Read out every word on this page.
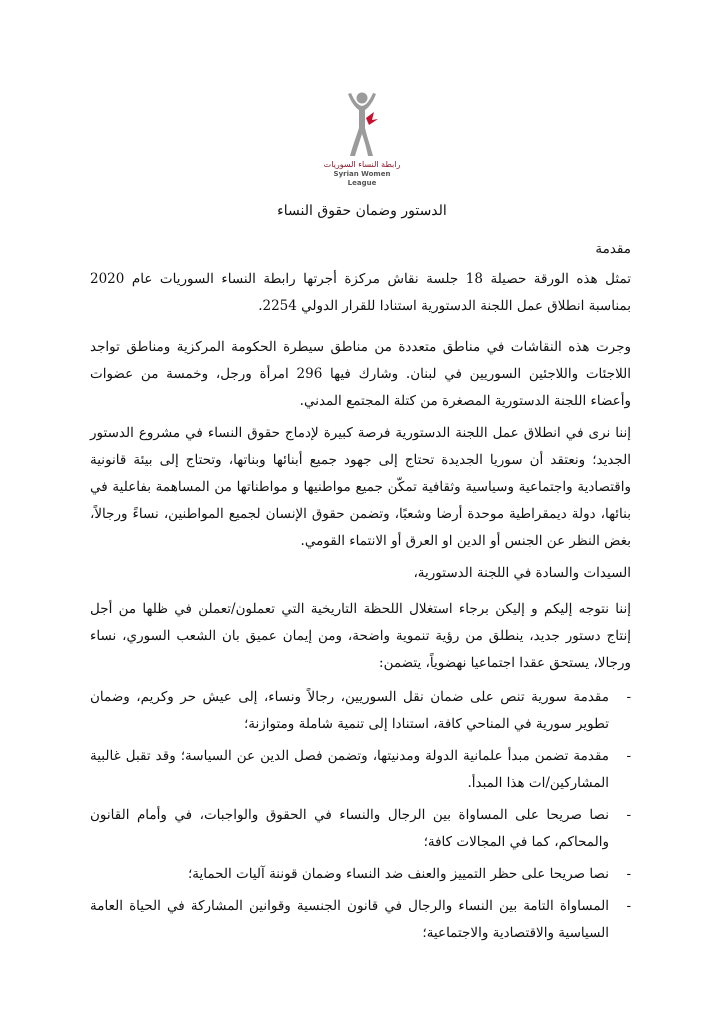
رابطة النساء السوريات
Syrian Women League
الدستور وضمان حقوق النساء
مقدمة
تمثل هذه الورقة حصيلة 18 جلسة نقاش مركزة أجرتها رابطة النساء السوريات عام 2020 بمناسبة انطلاق عمل اللجنة الدستورية استنادا للقرار الدولي 2254.
وجرت هذه النقاشات في مناطق متعددة من مناطق سيطرة الحكومة المركزية ومناطق تواجد اللاجئات واللاجئين السوريين في لبنان. وشارك فيها 296 امرأة ورجل، وخمسة من عضوات وأعضاء اللجنة الدستورية المصغرة من كتلة المجتمع المدني.
إننا نرى في انطلاق عمل اللجنة الدستورية فرصة كبيرة لإدماج حقوق النساء في مشروع الدستور الجديد؛ ونعتقد أن سوريا الجديدة تحتاج إلى جهود جميع أبنائها وبناتها، وتحتاج إلى بيئة قانونية واقتصادية واجتماعية وسياسية وثقافية تمكّن جميع مواطنيها و مواطناتها من المساهمة بفاعلية في بنائها، دولة ديمقراطية موحدة أرضا وشعبًا، وتضمن حقوق الإنسان لجميع المواطنين، نساءً ورجالاً، بغض النظر عن الجنس أو الدين او العرق أو الانتماء القومي.
السيدات والسادة في اللجنة الدستورية،
إننا نتوجه إليكم و إليكن برجاء استغلال اللحظة التاريخية التي تعملون/تعملن في ظلها من أجل إنتاج دستور جديد، ينطلق من رؤية تنموية واضحة، ومن إيمان عميق بان الشعب السوري، نساء ورجالا، يستحق عقدا اجتماعيا نهضوياً، يتضمن:
-
مقدمة سورية تنص على ضمان نقل السوريين، رجالاً ونساء، إلى عيش حر وكريم، وضمان تطوير سورية في المناحي كافة، استنادا إلى تنمية شاملة ومتوازنة؛
-
مقدمة تضمن مبدأ علمانية الدولة ومدنيتها، وتضمن فصل الدين عن السياسة؛ وقد تقبل غالبية المشاركين/ات هذا المبدأ.
-
نصا صريحا على المساواة بين الرجال والنساء في الحقوق والواجبات، في وأمام القانون والمحاكم، كما في المجالات كافة؛
-
نصا صريحا على حظر التمييز والعنف ضد النساء وضمان قوننة آليات الحماية؛
-
المساواة التامة بين النساء والرجال في قانون الجنسية وقوانين المشاركة في الحياة العامة السياسية والاقتصادية والاجتماعية؛
